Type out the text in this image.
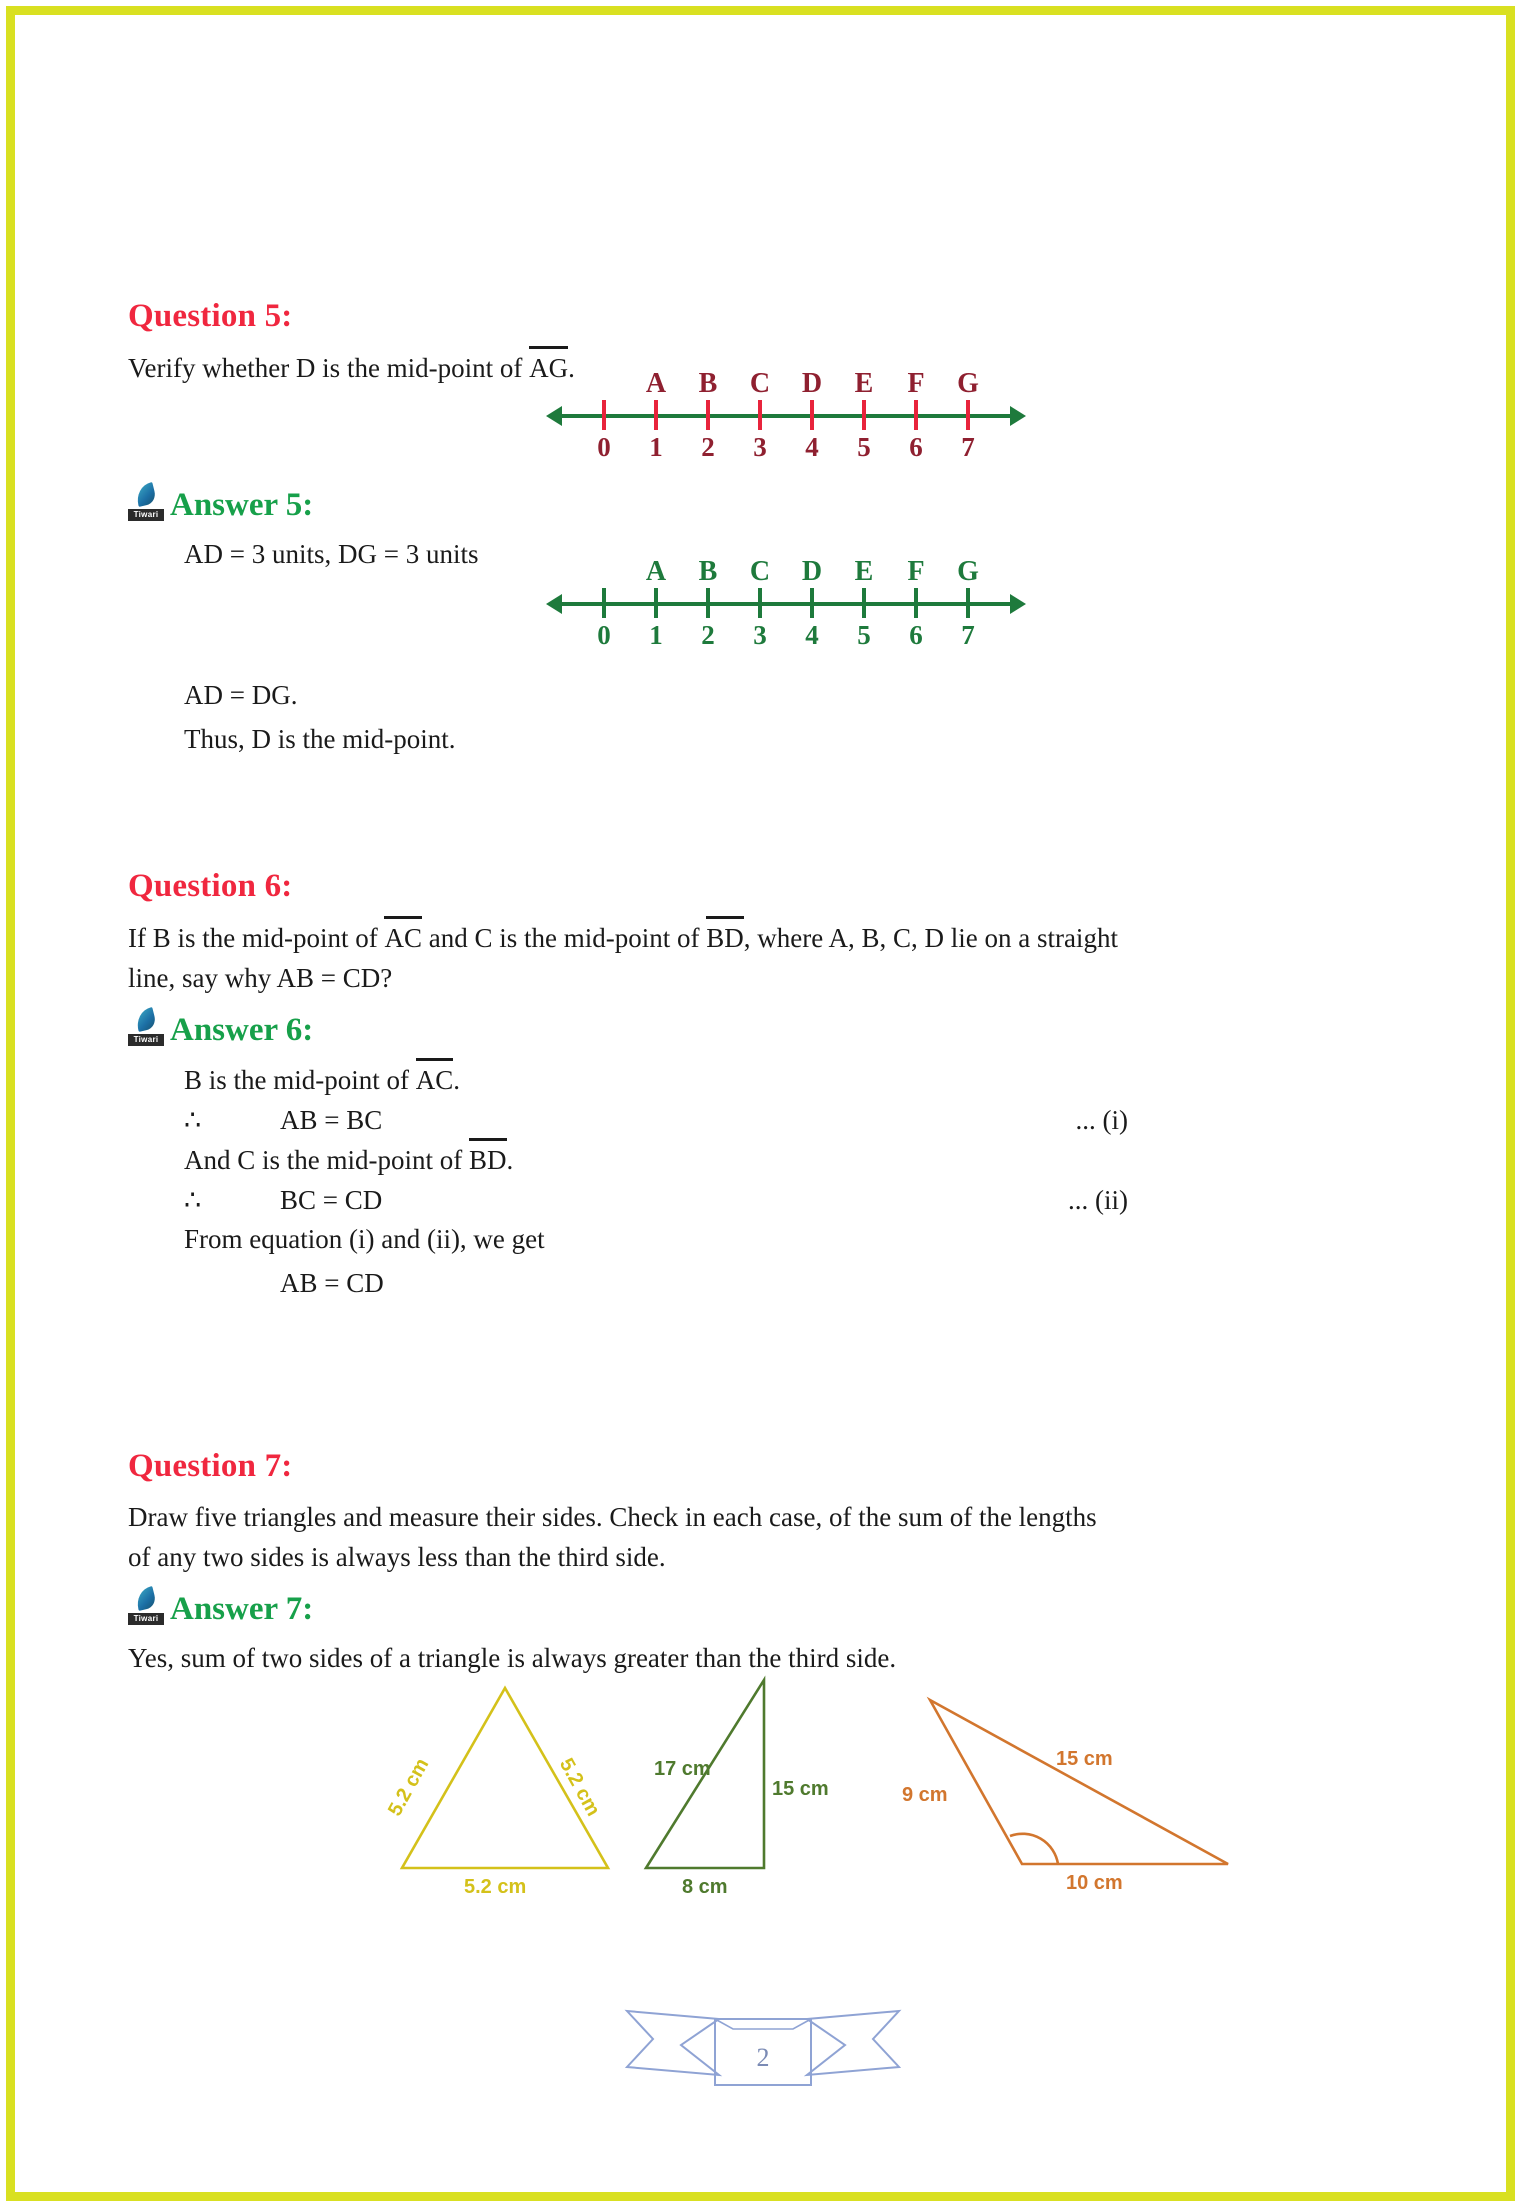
Question 5:
Verify whether D is the mid-point of AG.
0 1 2 3 4 5 6 7
A B C D E F G
Tiwari Answer 5:
AD = 3 units, DG = 3 units
0 1 2 3 4 5 6 7
A B C D E F G
AD = DG.
Thus, D is the mid-point.
Question 6:
If B is the mid-point of AC and C is the mid-point of BD, where A, B, C, D lie on a straight
line, say why AB = CD?
Tiwari Answer 6:
B is the mid-point of AC.
∴	AB = BC	... (i)
And C is the mid-point of BD.
∴	BC = CD	... (ii)
From equation (i) and (ii), we get
AB = CD
Question 7:
Draw five triangles and measure their sides. Check in each case, of the sum of the lengths
of any two sides is always less than the third side.
Tiwari Answer 7:
Yes, sum of two sides of a triangle is always greater than the third side.
5.2 cm	5.2 cm
5.2 cm
17 cm
15 cm
8 cm
15 cm
9 cm
10 cm
2
